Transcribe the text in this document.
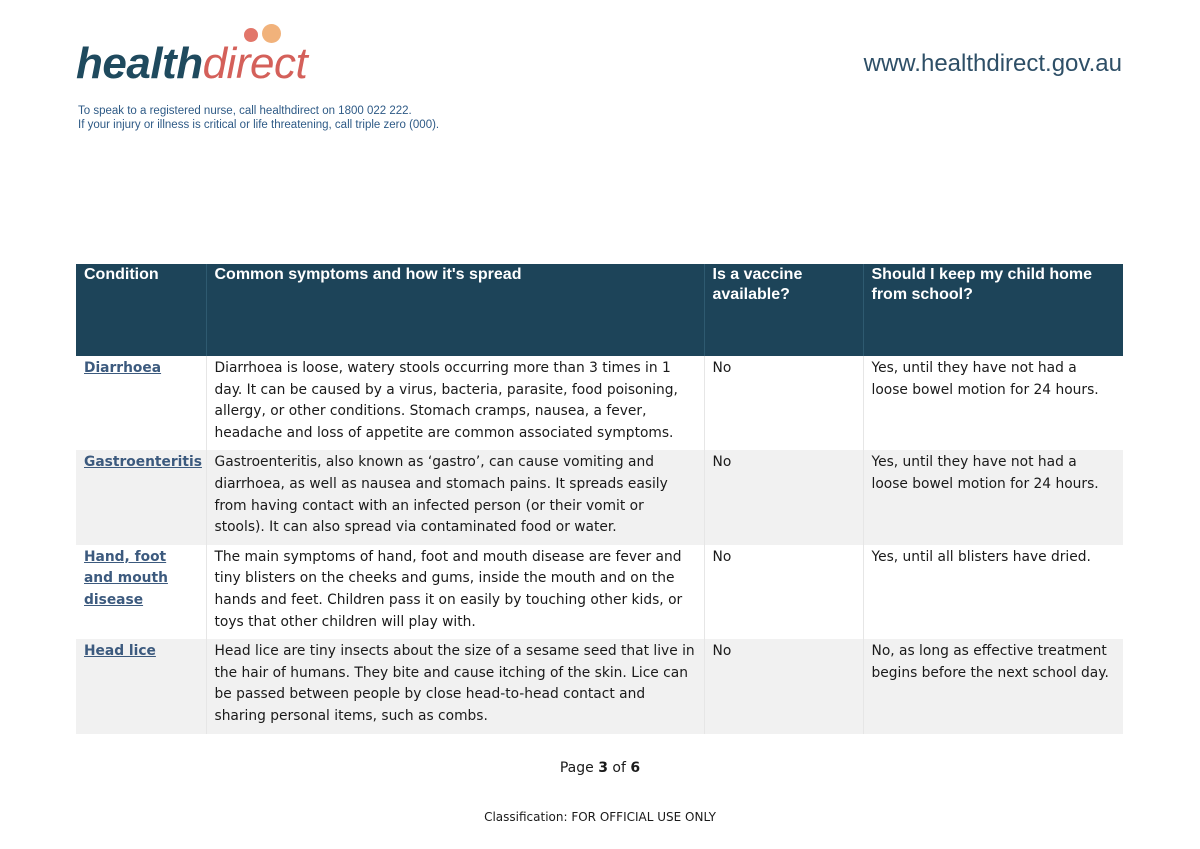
healthdirect	www.healthdirect.gov.au
To speak to a registered nurse, call healthdirect on 1800 022 222.
If your injury or illness is critical or life threatening, call triple zero (000).
Condition	Common symptoms and how it's spread	Is a vaccine available?	Should I keep my child home from school?
Diarrhoea	Diarrhoea is loose, watery stools occurring more than 3 times in 1 day. It can be caused by a virus, bacteria, parasite, food poisoning, allergy, or other conditions. Stomach cramps, nausea, a fever, headache and loss of appetite are common associated symptoms.	No	Yes, until they have not had a loose bowel motion for 24 hours.
Gastroenteritis	Gastroenteritis, also known as ‘gastro’, can cause vomiting and diarrhoea, as well as nausea and stomach pains. It spreads easily from having contact with an infected person (or their vomit or stools). It can also spread via contaminated food or water.	No	Yes, until they have not had a loose bowel motion for 24 hours.
Hand, foot and mouth disease	The main symptoms of hand, foot and mouth disease are fever and tiny blisters on the cheeks and gums, inside the mouth and on the hands and feet. Children pass it on easily by touching other kids, or toys that other children will play with.	No	Yes, until all blisters have dried.
Head lice	Head lice are tiny insects about the size of a sesame seed that live in the hair of humans. They bite and cause itching of the skin. Lice can be passed between people by close head-to-head contact and sharing personal items, such as combs.	No	No, as long as effective treatment begins before the next school day.
Page 3 of 6
Classification: FOR OFFICIAL USE ONLY
